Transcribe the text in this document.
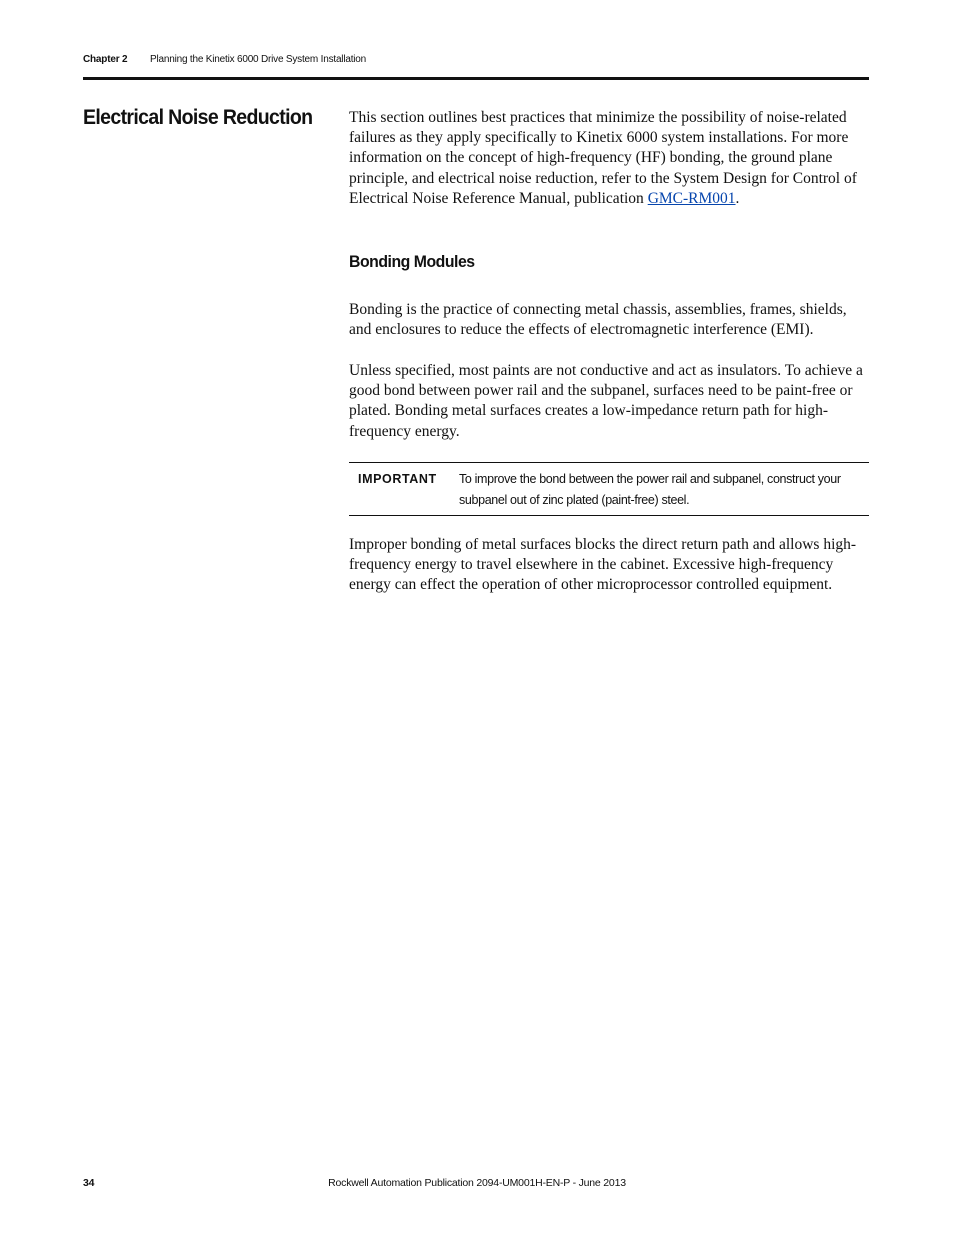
Chapter 2 Planning the Kinetix 6000 Drive System Installation
Electrical Noise Reduction This section outlines best practices that minimize the possibility of noise-related failures as they apply specifically to Kinetix 6000 system installations. For more information on the concept of high-frequency (HF) bonding, the ground plane principle, and electrical noise reduction, refer to the System Design for Control of Electrical Noise Reference Manual, publication GMC-RM001.

Bonding Modules

Bonding is the practice of connecting metal chassis, assemblies, frames, shields, and enclosures to reduce the effects of electromagnetic interference (EMI).

Unless specified, most paints are not conductive and act as insulators. To achieve a good bond between power rail and the subpanel, surfaces need to be paint-free or plated. Bonding metal surfaces creates a low-impedance return path for high-frequency energy.

IMPORTANT To improve the bond between the power rail and subpanel, construct your subpanel out of zinc plated (paint-free) steel.

Improper bonding of metal surfaces blocks the direct return path and allows high-frequency energy to travel elsewhere in the cabinet. Excessive high-frequency energy can effect the operation of other microprocessor controlled equipment.

34	Rockwell Automation Publication 2094-UM001H-EN-P - June 2013
